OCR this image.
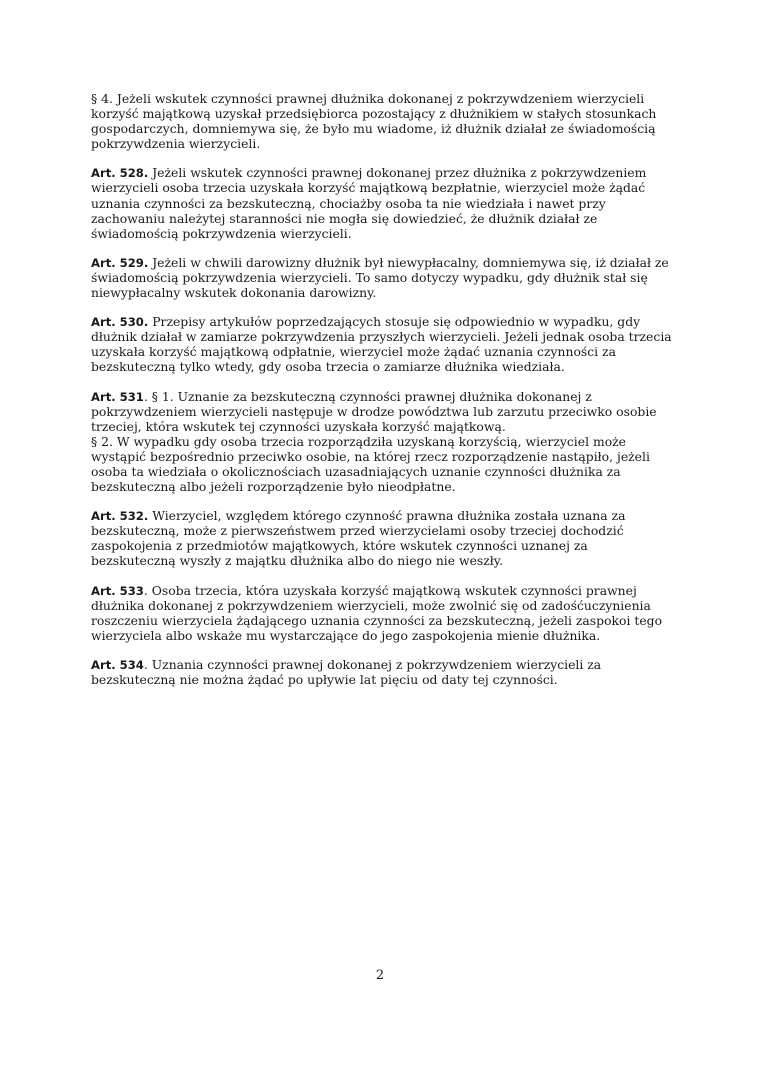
§ 4. Jeżeli wskutek czynności prawnej dłużnika dokonanej z pokrzywdzeniem wierzycieli
korzyść majątkową uzyskał przedsiębiorca pozostający z dłużnikiem w stałych stosunkach
gospodarczych, domniemywa się, że było mu wiadome, iż dłużnik działał ze świadomością
pokrzywdzenia wierzycieli.

Art. 528. Jeżeli wskutek czynności prawnej dokonanej przez dłużnika z pokrzywdzeniem
wierzycieli osoba trzecia uzyskała korzyść majątkową bezpłatnie, wierzyciel może żądać
uznania czynności za bezskuteczną, chociażby osoba ta nie wiedziała i nawet przy
zachowaniu należytej staranności nie mogła się dowiedzieć, że dłużnik działał ze
świadomością pokrzywdzenia wierzycieli.

Art. 529. Jeżeli w chwili darowizny dłużnik był niewypłacalny, domniemywa się, iż działał ze
świadomością pokrzywdzenia wierzycieli. To samo dotyczy wypadku, gdy dłużnik stał się
niewypłacalny wskutek dokonania darowizny.

Art. 530. Przepisy artykułów poprzedzających stosuje się odpowiednio w wypadku, gdy
dłużnik działał w zamiarze pokrzywdzenia przyszłych wierzycieli. Jeżeli jednak osoba trzecia
uzyskała korzyść majątkową odpłatnie, wierzyciel może żądać uznania czynności za
bezskuteczną tylko wtedy, gdy osoba trzecia o zamiarze dłużnika wiedziała.

Art. 531. § 1. Uznanie za bezskuteczną czynności prawnej dłużnika dokonanej z
pokrzywdzeniem wierzycieli następuje w drodze powództwa lub zarzutu przeciwko osobie
trzeciej, która wskutek tej czynności uzyskała korzyść majątkową.
§ 2. W wypadku gdy osoba trzecia rozporządziła uzyskaną korzyścią, wierzyciel może
wystąpić bezpośrednio przeciwko osobie, na której rzecz rozporządzenie nastąpiło, jeżeli
osoba ta wiedziała o okolicznościach uzasadniających uznanie czynności dłużnika za
bezskuteczną albo jeżeli rozporządzenie było nieodpłatne.

Art. 532. Wierzyciel, względem którego czynność prawna dłużnika została uznana za
bezskuteczną, może z pierwszeństwem przed wierzycielami osoby trzeciej dochodzić
zaspokojenia z przedmiotów majątkowych, które wskutek czynności uznanej za
bezskuteczną wyszły z majątku dłużnika albo do niego nie weszły.

Art. 533. Osoba trzecia, która uzyskała korzyść majątkową wskutek czynności prawnej
dłużnika dokonanej z pokrzywdzeniem wierzycieli, może zwolnić się od zadośćuczynienia
roszczeniu wierzyciela żądającego uznania czynności za bezskuteczną, jeżeli zaspokoi tego
wierzyciela albo wskaże mu wystarczające do jego zaspokojenia mienie dłużnika.

Art. 534. Uznania czynności prawnej dokonanej z pokrzywdzeniem wierzycieli za
bezskuteczną nie można żądać po upływie lat pięciu od daty tej czynności.

2
